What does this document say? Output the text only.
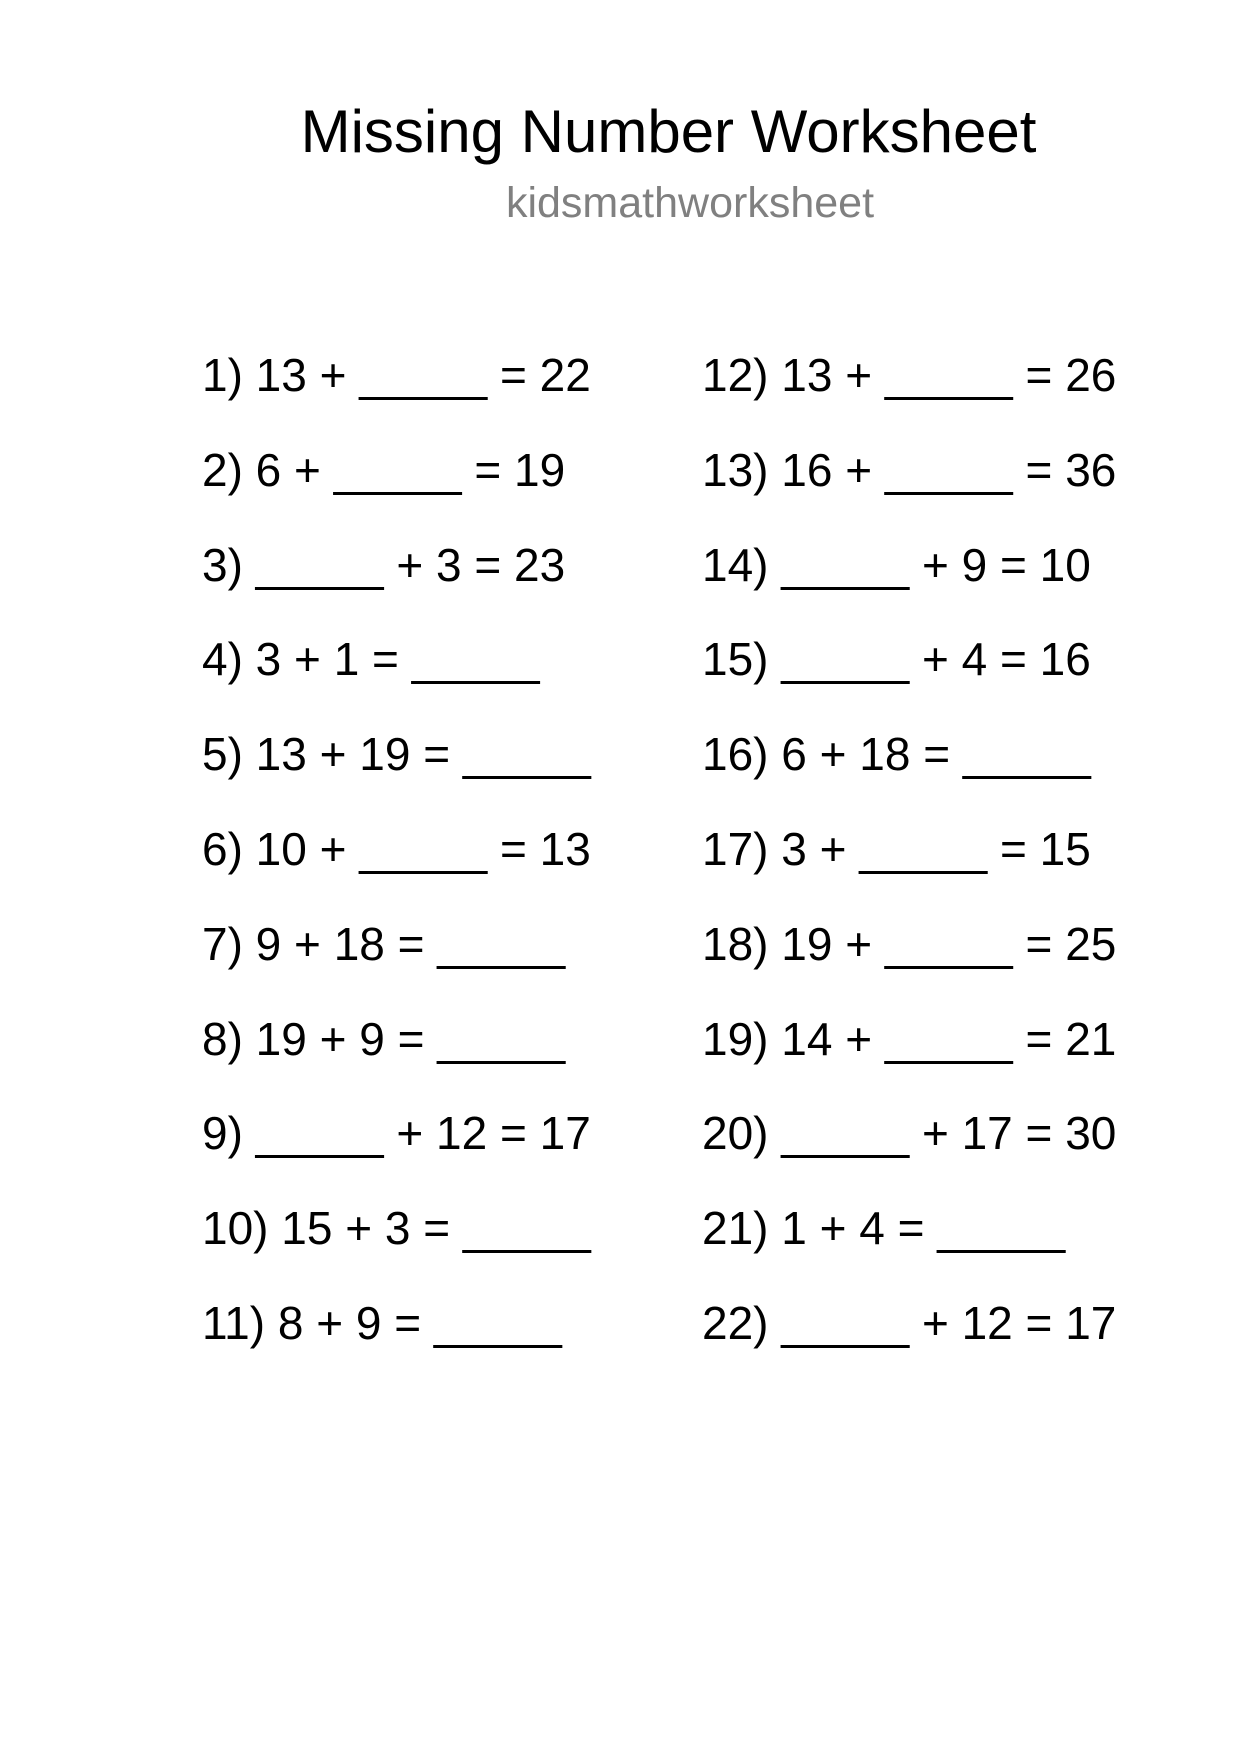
Missing Number Worksheet
kidsmathworksheet
1) 13 + _____ = 22
2) 6 + _____ = 19
3) _____ + 3 = 23
4) 3 + 1 = _____
5) 13 + 19 = _____
6) 10 + _____ = 13
7) 9 + 18 = _____
8) 19 + 9 = _____
9) _____ + 12 = 17
10) 15 + 3 = _____
11) 8 + 9 = _____
12) 13 + _____ = 26
13) 16 + _____ = 36
14) _____ + 9 = 10
15) _____ + 4 = 16
16) 6 + 18 = _____
17) 3 + _____ = 15
18) 19 + _____ = 25
19) 14 + _____ = 21
20) _____ + 17 = 30
21) 1 + 4 = _____
22) _____ + 12 = 17
